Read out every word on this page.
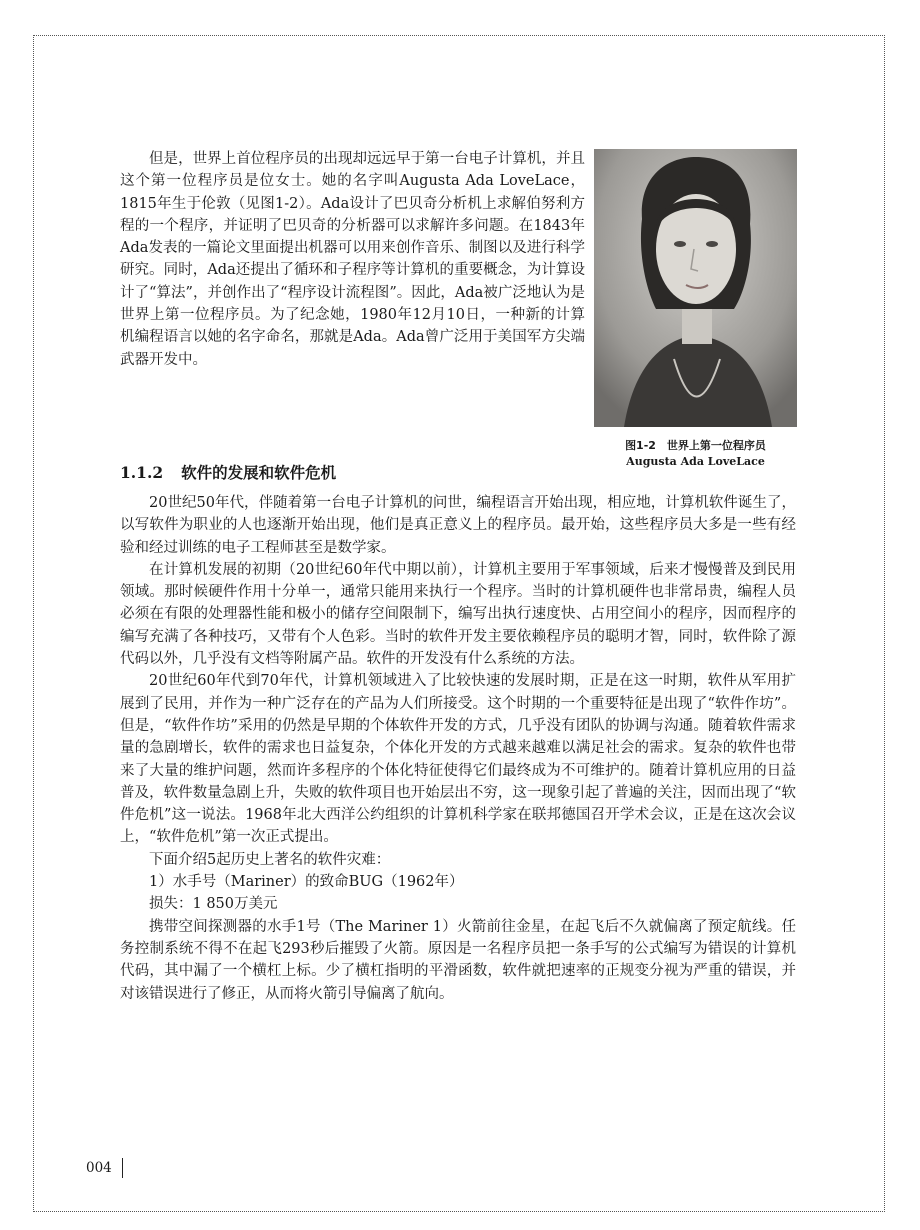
但是，世界上首位程序员的出现却远远早于第一台电子计算机，并且这个第一位程序员是位女士。她的名字叫Augusta Ada LoveLace，1815年生于伦敦（见图1-2）。Ada设计了巴贝奇分析机上求解伯努利方程的一个程序，并证明了巴贝奇的分析器可以求解许多问题。在1843年Ada发表的一篇论文里面提出机器可以用来创作音乐、制图以及进行科学研究。同时，Ada还提出了循环和子程序等计算机的重要概念，为计算设计了“算法”，并创作出了“程序设计流程图”。因此，Ada被广泛地认为是世界上第一位程序员。为了纪念她，1980年12月10日，一种新的计算机编程语言以她的名字命名，那就是Ada。Ada曾广泛用于美国军方尖端武器开发中。

图1-2　世界上第一位程序员
Augusta Ada LoveLace
1.1.2 软件的发展和软件危机

20世纪50年代，伴随着第一台电子计算机的问世，编程语言开始出现，相应地，计算机软件诞生了，以写软件为职业的人也逐渐开始出现，他们是真正意义上的程序员。最开始，这些程序员大多是一些有经验和经过训练的电子工程师甚至是数学家。

在计算机发展的初期（20世纪60年代中期以前），计算机主要用于军事领域，后来才慢慢普及到民用领域。那时候硬件作用十分单一，通常只能用来执行一个程序。当时的计算机硬件也非常昂贵，编程人员必须在有限的处理器性能和极小的储存空间限制下，编写出执行速度快、占用空间小的程序，因而程序的编写充满了各种技巧，又带有个人色彩。当时的软件开发主要依赖程序员的聪明才智，同时，软件除了源代码以外，几乎没有文档等附属产品。软件的开发没有什么系统的方法。

20世纪60年代到70年代，计算机领域进入了比较快速的发展时期，正是在这一时期，软件从军用扩展到了民用，并作为一种广泛存在的产品为人们所接受。这个时期的一个重要特征是出现了“软件作坊”。但是，“软件作坊”采用的仍然是早期的个体软件开发的方式，几乎没有团队的协调与沟通。随着软件需求量的急剧增长，软件的需求也日益复杂，个体化开发的方式越来越难以满足社会的需求。复杂的软件也带来了大量的维护问题，然而许多程序的个体化特征使得它们最终成为不可维护的。随着计算机应用的日益普及，软件数量急剧上升，失败的软件项目也开始层出不穷，这一现象引起了普遍的关注，因而出现了“软件危机”这一说法。1968年北大西洋公约组织的计算机科学家在联邦德国召开学术会议，正是在这次会议上，“软件危机”第一次正式提出。

下面介绍5起历史上著名的软件灾难：

1）水手号（Mariner）的致命BUG（1962年）

损失：1 850万美元

携带空间探测器的水手1号（The Mariner 1）火箭前往金星，在起飞后不久就偏离了预定航线。任务控制系统不得不在起飞293秒后摧毁了火箭。原因是一名程序员把一条手写的公式编写为错误的计算机代码，其中漏了一个横杠上标。少了横杠指明的平滑函数，软件就把速率的正规变分视为严重的错误，并对该错误进行了修正，从而将火箭引导偏离了航向。

004
